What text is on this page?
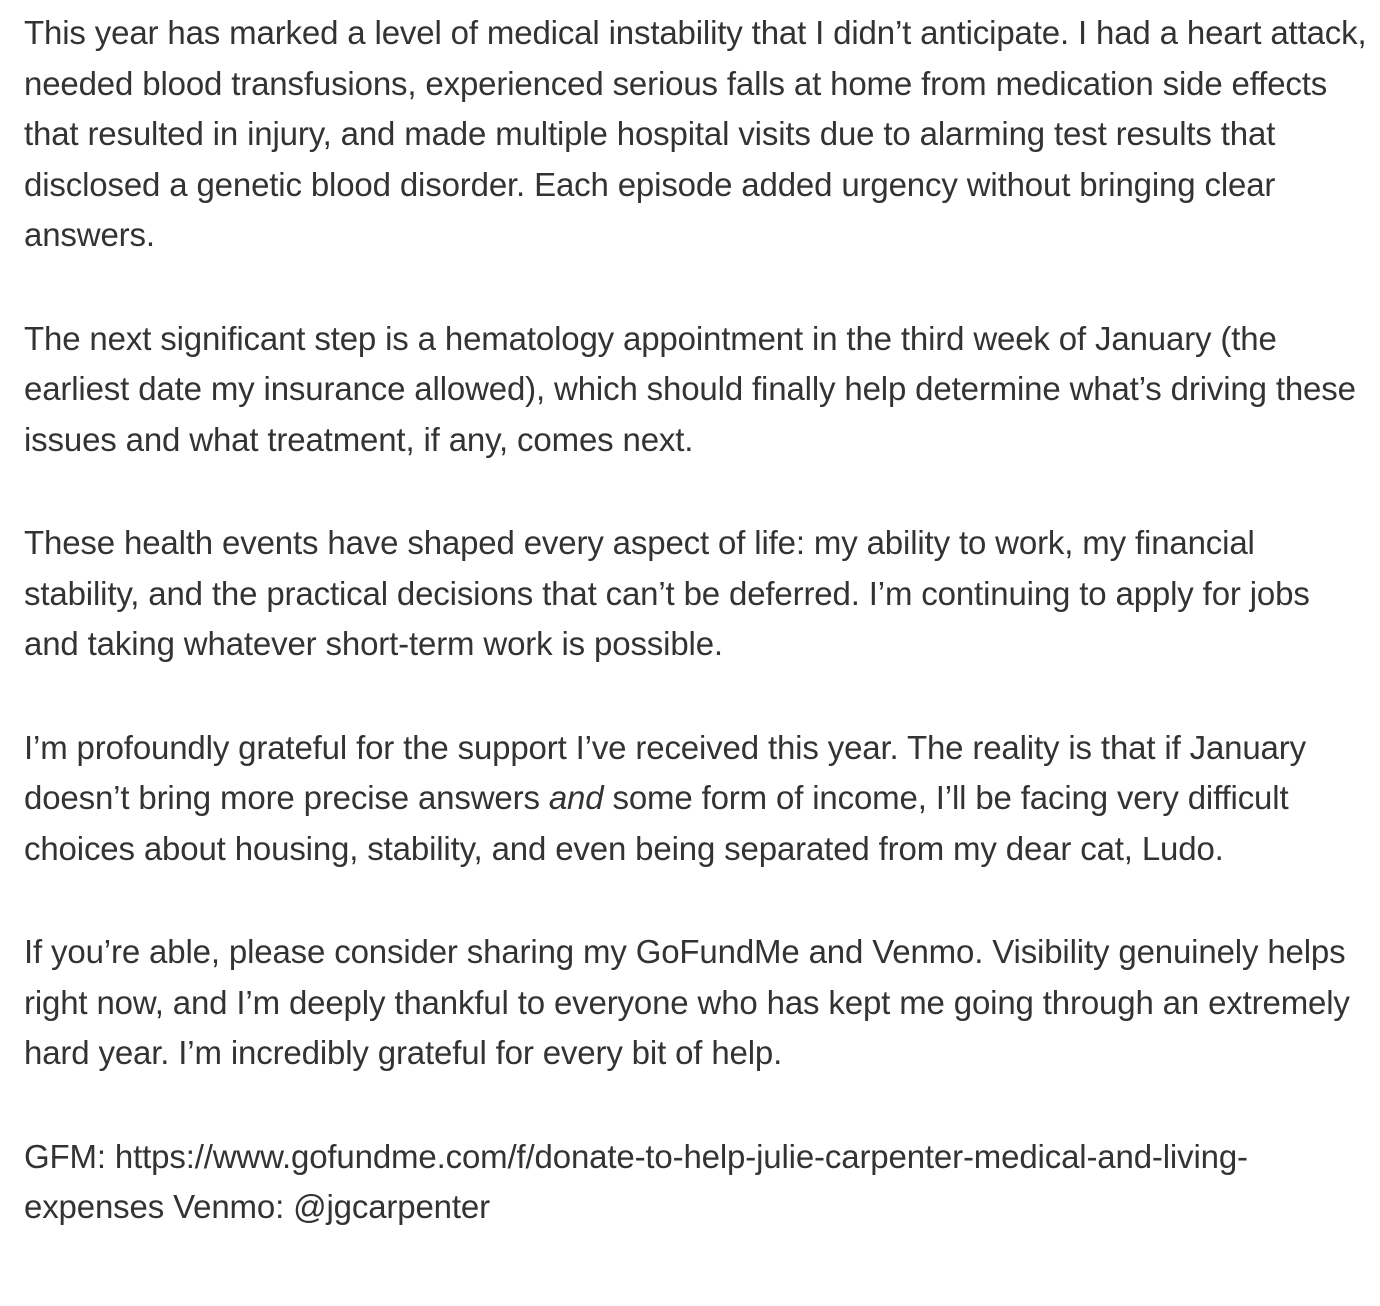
This year has marked a level of medical instability that I didn’t anticipate. I had a heart attack, needed blood transfusions, experienced serious falls at home from medication side effects that resulted in injury, and made multiple hospital visits due to alarming test results that disclosed a genetic blood disorder. Each episode added urgency without bringing clear answers.

The next significant step is a hematology appointment in the third week of January (the earliest date my insurance allowed), which should finally help determine what’s driving these issues and what treatment, if any, comes next.

These health events have shaped every aspect of life: my ability to work, my financial stability, and the practical decisions that can’t be deferred. I’m continuing to apply for jobs and taking whatever short-term work is possible.

I’m profoundly grateful for the support I’ve received this year. The reality is that if January doesn’t bring more precise answers and some form of income, I’ll be facing very difficult choices about housing, stability, and even being separated from my dear cat, Ludo.

If you’re able, please consider sharing my GoFundMe and Venmo. Visibility genuinely helps right now, and I’m deeply thankful to everyone who has kept me going through an extremely hard year. I’m incredibly grateful for every bit of help.

GFM: https://www.gofundme.com/f/donate-to-help-julie-carpenter-medical-and-living-expenses Venmo: @jgcarpenter
